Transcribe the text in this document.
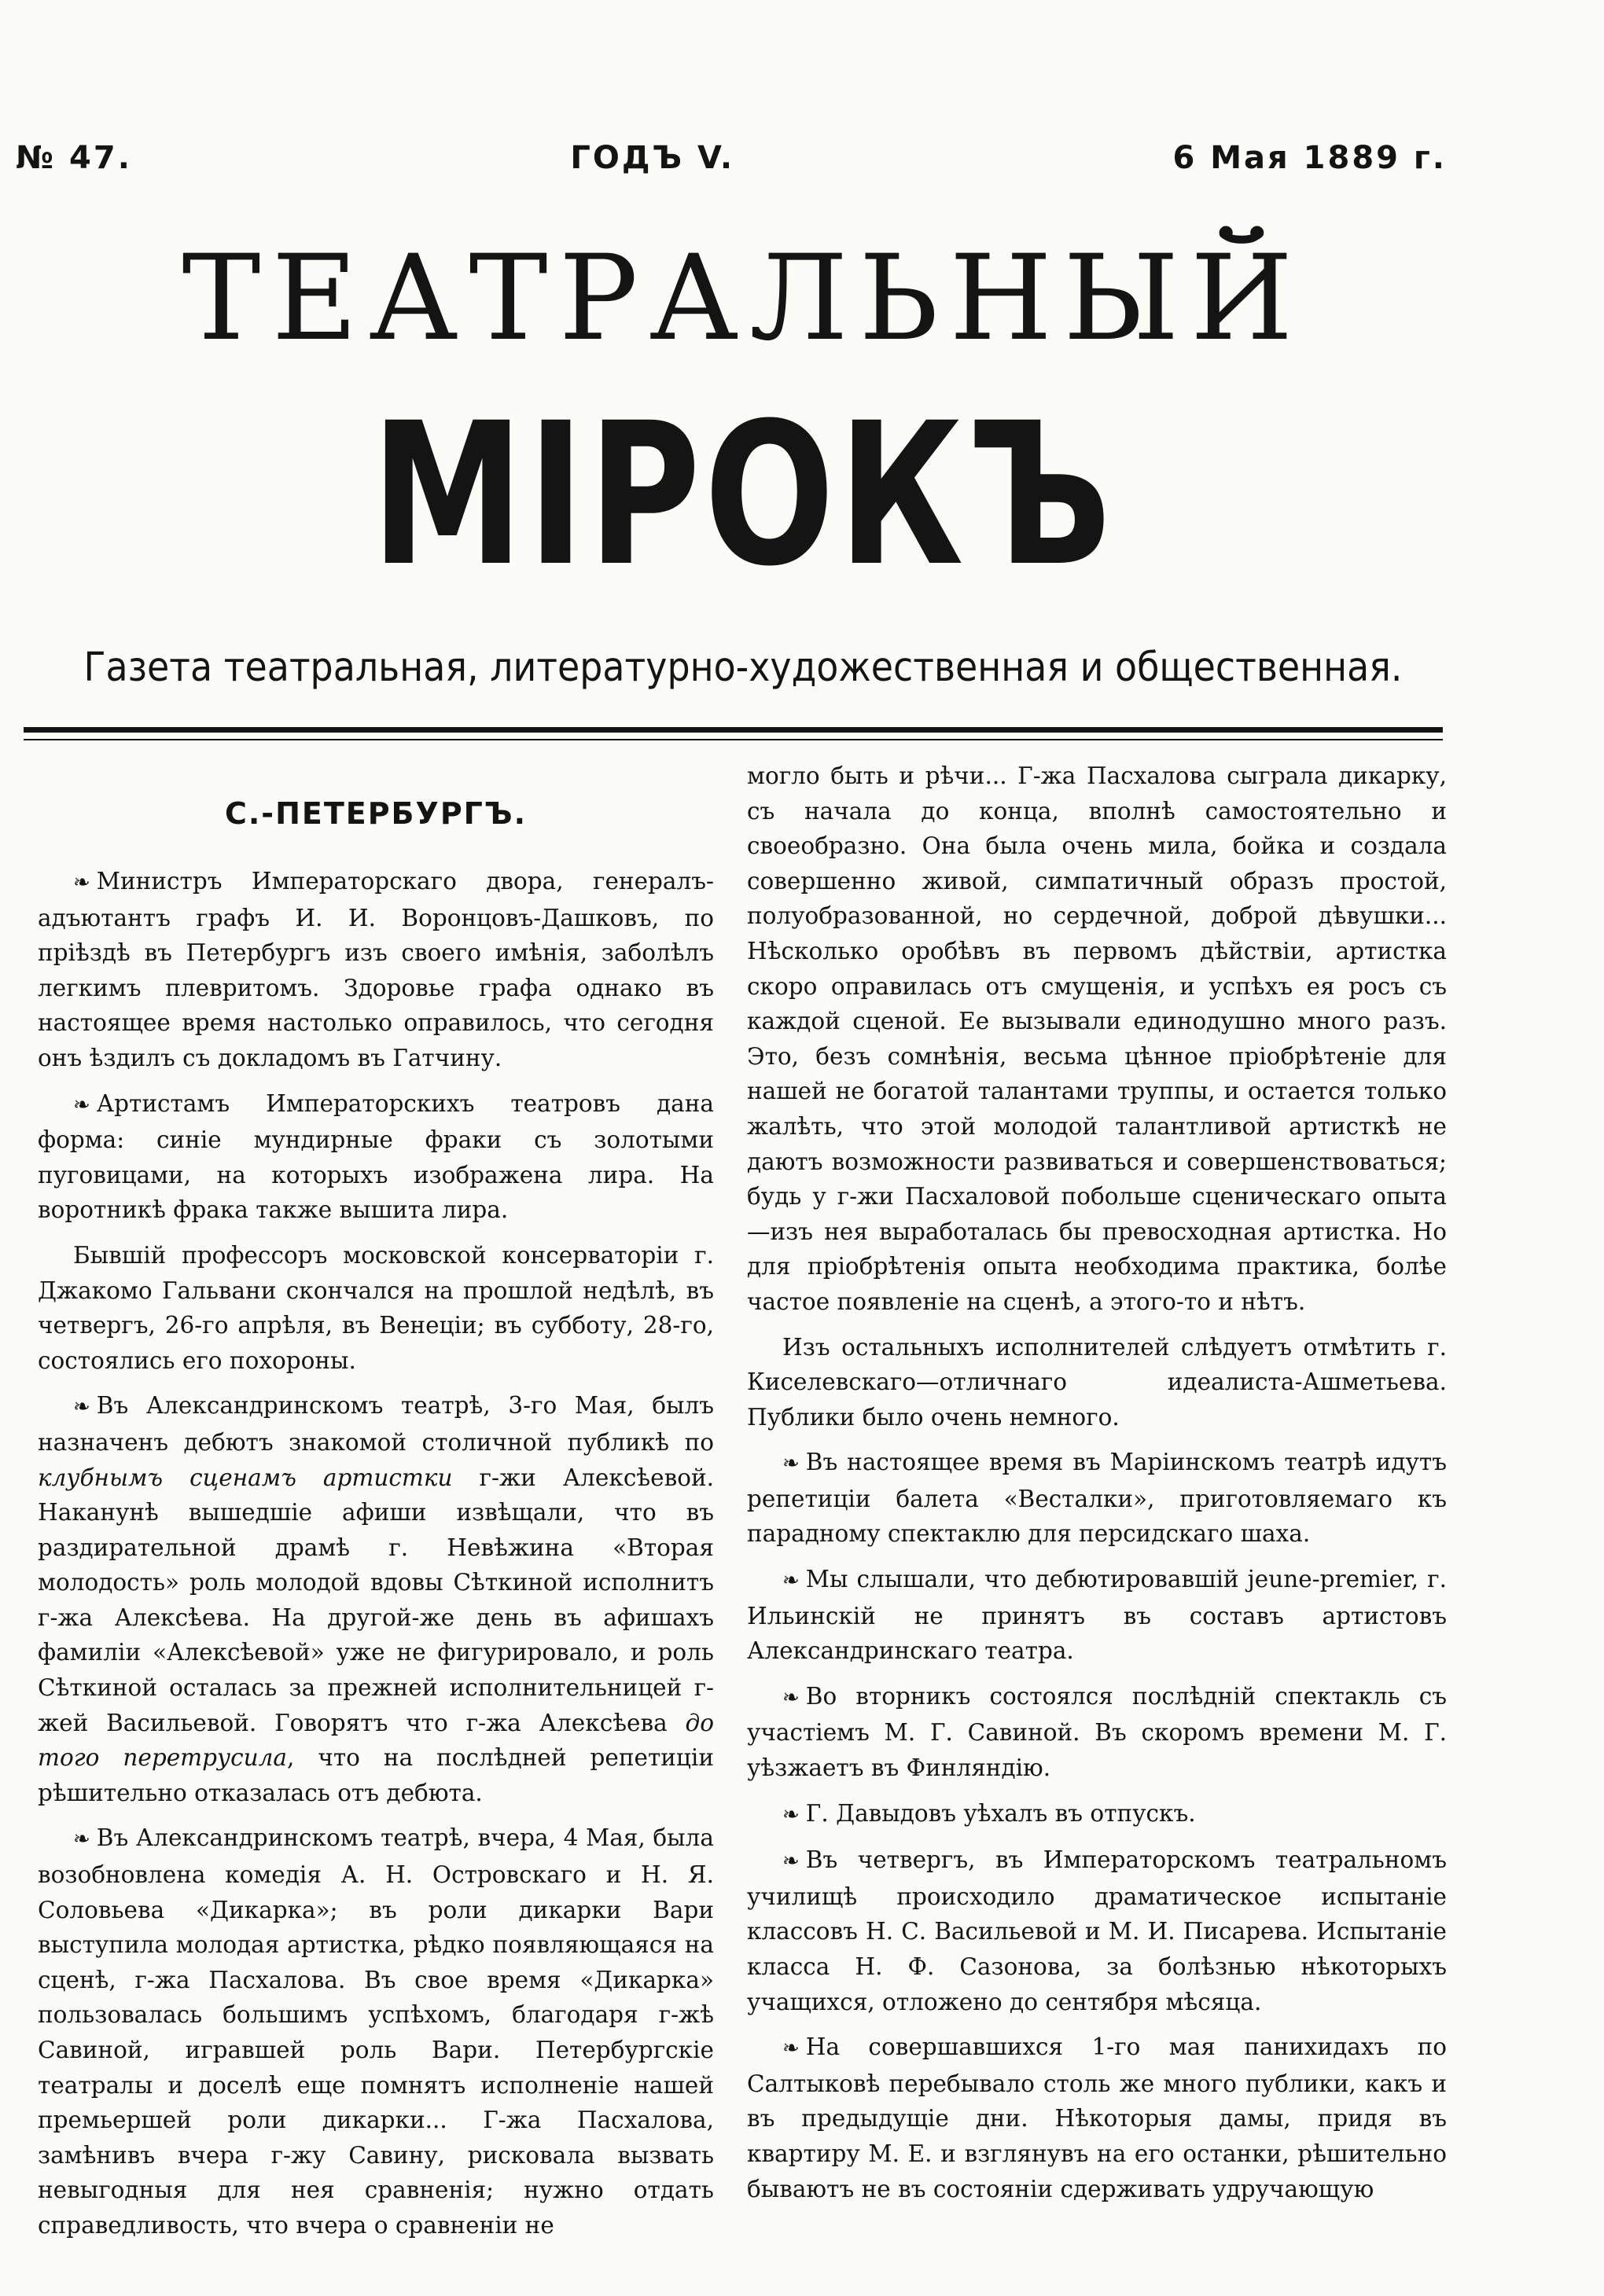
№ 47.	ГОДЪ V.	6 Мая 1889 г.
ТЕАТРАЛЬНЫЙ
МІРОКЪ
Газета театральная, литературно-художественная и общественная.
С.-ПЕТЕРБУРГЪ.

❧ Министръ Императорскаго двора, генералъ-адъютантъ графъ И. И. Воронцовъ-Дашковъ, по пріѣздѣ въ Петербургъ изъ своего имѣнія, заболѣлъ легкимъ плевритомъ. Здоровье графа однако въ настоящее время настолько оправилось, что сегодня онъ ѣздилъ съ докладомъ въ Гатчину.

❧ Артистамъ Императорскихъ театровъ дана форма: синіе мундирные фраки съ золотыми пуговицами, на которыхъ изображена лира. На воротникѣ фрака также вышита лира.

Бывшій профессоръ московской консерваторіи г. Джакомо Гальвани скончался на прошлой недѣлѣ, въ четвергъ, 26-го апрѣля, въ Венеціи; въ субботу, 28-го, состоялись его похороны.

❧ Въ Александринскомъ театрѣ, 3-го Мая, былъ назначенъ дебютъ знакомой столичной публикѣ по клубнымъ сценамъ артистки г-жи Алексѣевой. Наканунѣ вышедшіе афиши извѣщали, что въ раздирательной драмѣ г. Невѣжина «Вторая молодость» роль молодой вдовы Сѣткиной исполнитъ г-жа Алексѣева. На другой-же день въ афишахъ фамиліи «Алексѣевой» уже не фигурировало, и роль Сѣткиной осталась за прежней исполнительницей г-жей Васильевой. Говорятъ что г-жа Алексѣева до того перетрусила, что на послѣдней репетиціи рѣшительно отказалась отъ дебюта.

❧ Въ Александринскомъ театрѣ, вчера, 4 Мая, была возобновлена комедія А. Н. Островскаго и Н. Я. Соловьева «Дикарка»; въ роли дикарки Вари выступила молодая артистка, рѣдко появляющаяся на сценѣ, г-жа Пасхалова. Въ свое время «Дикарка» пользовалась большимъ успѣхомъ, благодаря г-жѣ Савиной, игравшей роль Вари. Петербургскіе театралы и доселѣ еще помнятъ исполненіе нашей премьершей роли дикарки... Г-жа Пасхалова, замѣнивъ вчера г-жу Савину, рисковала вызвать невыгодныя для нея сравненія; нужно отдать справедливость, что вчера о сравненіи не

могло быть и рѣчи... Г-жа Пасхалова сыграла дикарку, съ начала до конца, вполнѣ самостоятельно и своеобразно. Она была очень мила, бойка и создала совершенно живой, симпатичный образъ простой, полуобразованной, но сердечной, доброй дѣвушки... Нѣсколько оробѣвъ въ первомъ дѣйствіи, артистка скоро оправилась отъ смущенія, и успѣхъ ея росъ съ каждой сценой. Ее вызывали единодушно много разъ. Это, безъ сомнѣнія, весьма цѣнное пріобрѣтеніе для нашей не богатой талантами труппы, и остается только жалѣть, что этой молодой талантливой артисткѣ не даютъ возможности развиваться и совершенствоваться; будь у г-жи Пасхаловой побольше сценическаго опыта—изъ нея выработалась бы превосходная артистка. Но для пріобрѣтенія опыта необходима практика, болѣе частое появленіе на сценѣ, а этого-то и нѣтъ.

Изъ остальныхъ исполнителей слѣдуетъ отмѣтить г. Киселевскаго—отличнаго идеалиста-Ашметьева. Публики было очень немного.

❧ Въ настоящее время въ Маріинскомъ театрѣ идутъ репетиціи балета «Весталки», приготовляемаго къ парадному спектаклю для персидскаго шаха.

❧ Мы слышали, что дебютировавшій jeune-premier, г. Ильинскій не принятъ въ составъ артистовъ Александринскаго театра.

❧ Во вторникъ состоялся послѣдній спектакль съ участіемъ М. Г. Савиной. Въ скоромъ времени М. Г. уѣзжаетъ въ Финляндію.

❧ Г. Давыдовъ уѣхалъ въ отпускъ.

❧ Въ четвергъ, въ Императорскомъ театральномъ училищѣ происходило драматическое испытаніе классовъ Н. С. Васильевой и М. И. Писарева. Испытаніе класса Н. Ф. Сазонова, за болѣзнью нѣкоторыхъ учащихся, отложено до сентября мѣсяца.

❧ На совершавшихся 1-го мая панихидахъ по Салтыковѣ перебывало столь же много публики, какъ и въ предыдущіе дни. Нѣкоторыя дамы, придя въ квартиру М. Е. и взглянувъ на его останки, рѣшительно бываютъ не въ состояніи сдерживать удручающую
